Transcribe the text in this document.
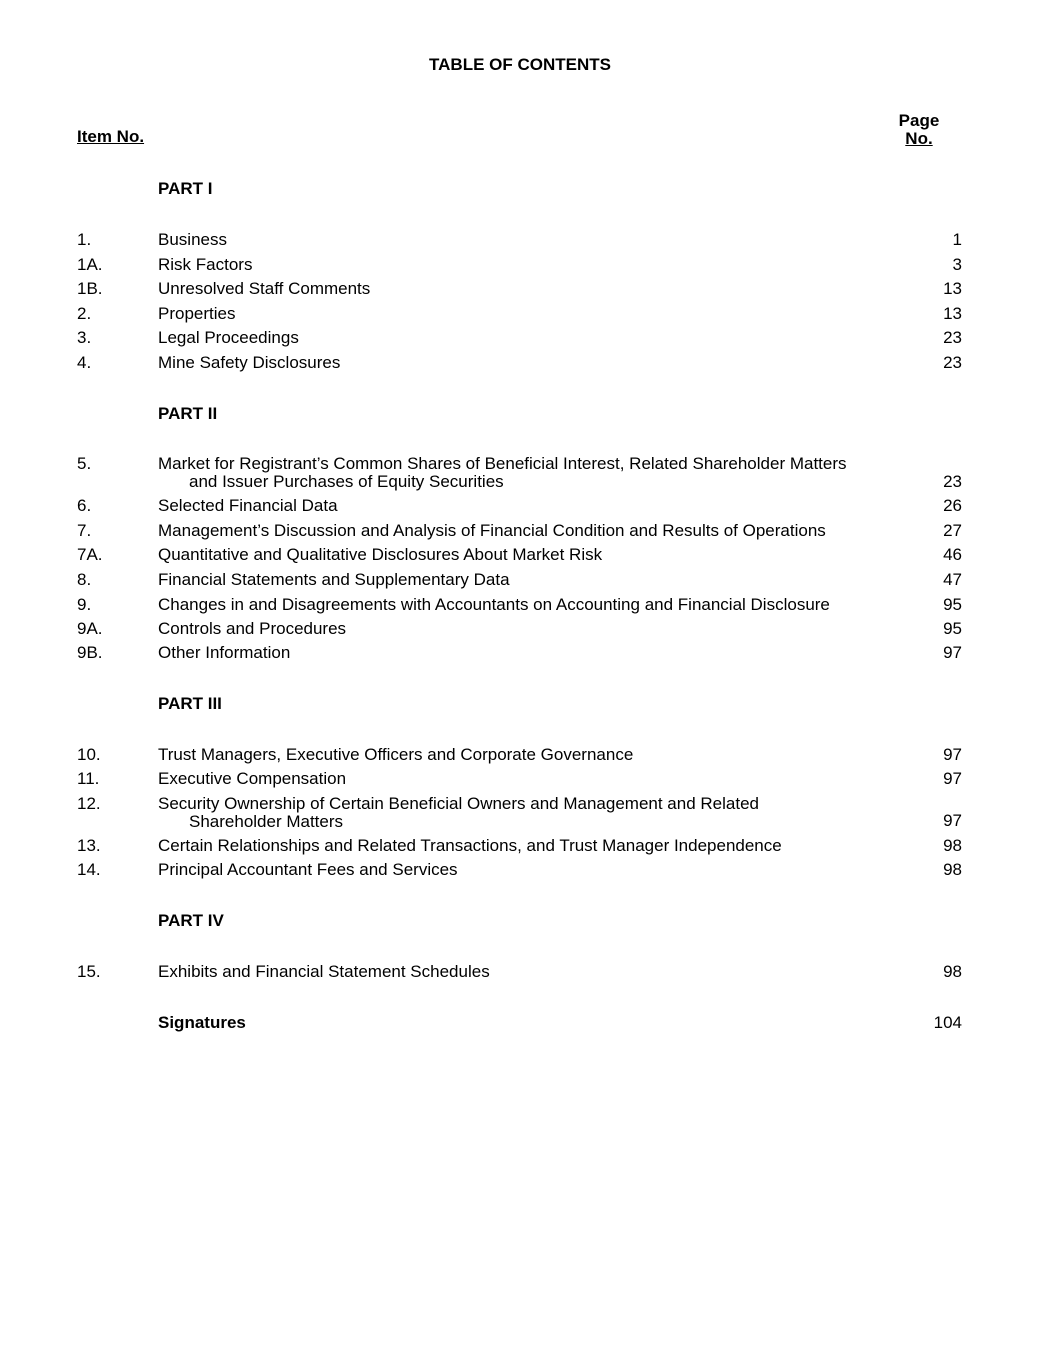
TABLE OF CONTENTS
Item No.
Page
No.
PART I
1.	Business	1
1A.	Risk Factors	3
1B.	Unresolved Staff Comments	13
2.	Properties	13
3.	Legal Proceedings	23
4.	Mine Safety Disclosures	23
PART II
5.	Market for Registrant’s Common Shares of Beneficial Interest, Related Shareholder Matters
and Issuer Purchases of Equity Securities	23
6.	Selected Financial Data	26
7.	Management’s Discussion and Analysis of Financial Condition and Results of Operations	27
7A.	Quantitative and Qualitative Disclosures About Market Risk	46
8.	Financial Statements and Supplementary Data	47
9.	Changes in and Disagreements with Accountants on Accounting and Financial Disclosure	95
9A.	Controls and Procedures	95
9B.	Other Information	97
PART III
10.	Trust Managers, Executive Officers and Corporate Governance	97
11.	Executive Compensation	97
12.	Security Ownership of Certain Beneficial Owners and Management and Related
Shareholder Matters	97
13.	Certain Relationships and Related Transactions, and Trust Manager Independence	98
14.	Principal Accountant Fees and Services	98
PART IV
15.	Exhibits and Financial Statement Schedules	98
Signatures	104
